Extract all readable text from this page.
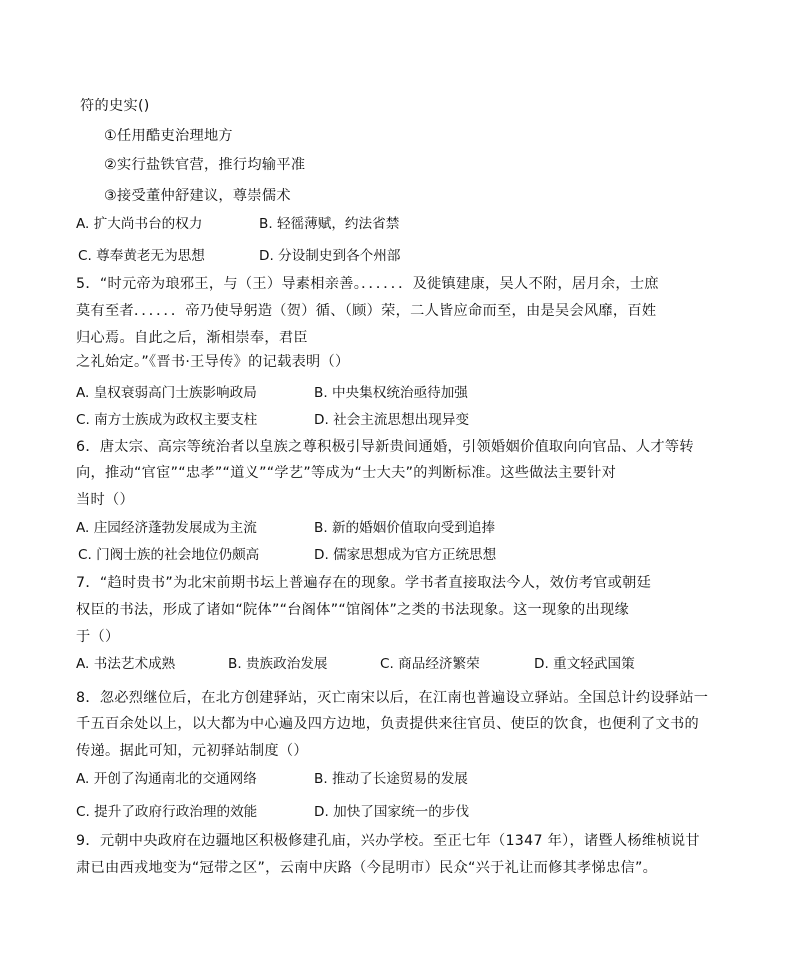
符的史实()
①任用酷吏治理地方
②实行盐铁官营，推行均输平准
③接受董仲舒建议，尊崇儒术
A. 扩大尚书台的权力	B. 轻徭薄赋，约法省禁
C. 尊奉黄老无为思想	D. 分设制史到各个州部
5．“时元帝为琅邪王，与（王）导素相亲善。．．．．．．及徙镇建康，吴人不附，居月余，士庶
莫有至者．．．．．．帝乃使导躬造（贺）循、（顾）荣，二人皆应命而至，由是吴会风靡，百姓
归心焉。自此之后，渐相崇奉，君臣
之礼始定。”《晋书·王导传》的记载表明（）
A. 皇权衰弱高门士族影响政局	B. 中央集权统治亟待加强
C. 南方士族成为政权主要支柱	D. 社会主流思想出现异变
6．唐太宗、高宗等统治者以皇族之尊积极引导新贵间通婚，引领婚姻价值取向向官品、人才等转
向，推动“官宦”“忠孝”“道义”“学艺”等成为“士大夫”的判断标准。这些做法主要针对
当时（）
A. 庄园经济蓬勃发展成为主流	B. 新的婚姻价值取向受到追捧
C. 门阀士族的社会地位仍颇高	D. 儒家思想成为官方正统思想
7．“趋时贵书”为北宋前期书坛上普遍存在的现象。学书者直接取法今人，效仿考官或朝廷
权臣的书法，形成了诸如“院体”“台阁体”“馆阁体”之类的书法现象。这一现象的出现缘
于（）
A. 书法艺术成熟	B. 贵族政治发展	C. 商品经济繁荣	D. 重文轻武国策
8．忽必烈继位后，在北方创建驿站，灭亡南宋以后，在江南也普遍设立驿站。全国总计约设驿站一
千五百余处以上，以大都为中心遍及四方边地，负责提供来往官员、使臣的饮食，也便利了文书的
传递。据此可知，元初驿站制度（）
A. 开创了沟通南北的交通网络	B. 推动了长途贸易的发展
C. 提升了政府行政治理的效能	D. 加快了国家统一的步伐
9．元朝中央政府在边疆地区积极修建孔庙，兴办学校。至正七年（1347 年），诸暨人杨维桢说甘
肃已由西戎地变为“冠带之区”，云南中庆路（今昆明市）民众“兴于礼让而修其孝悌忠信”。
